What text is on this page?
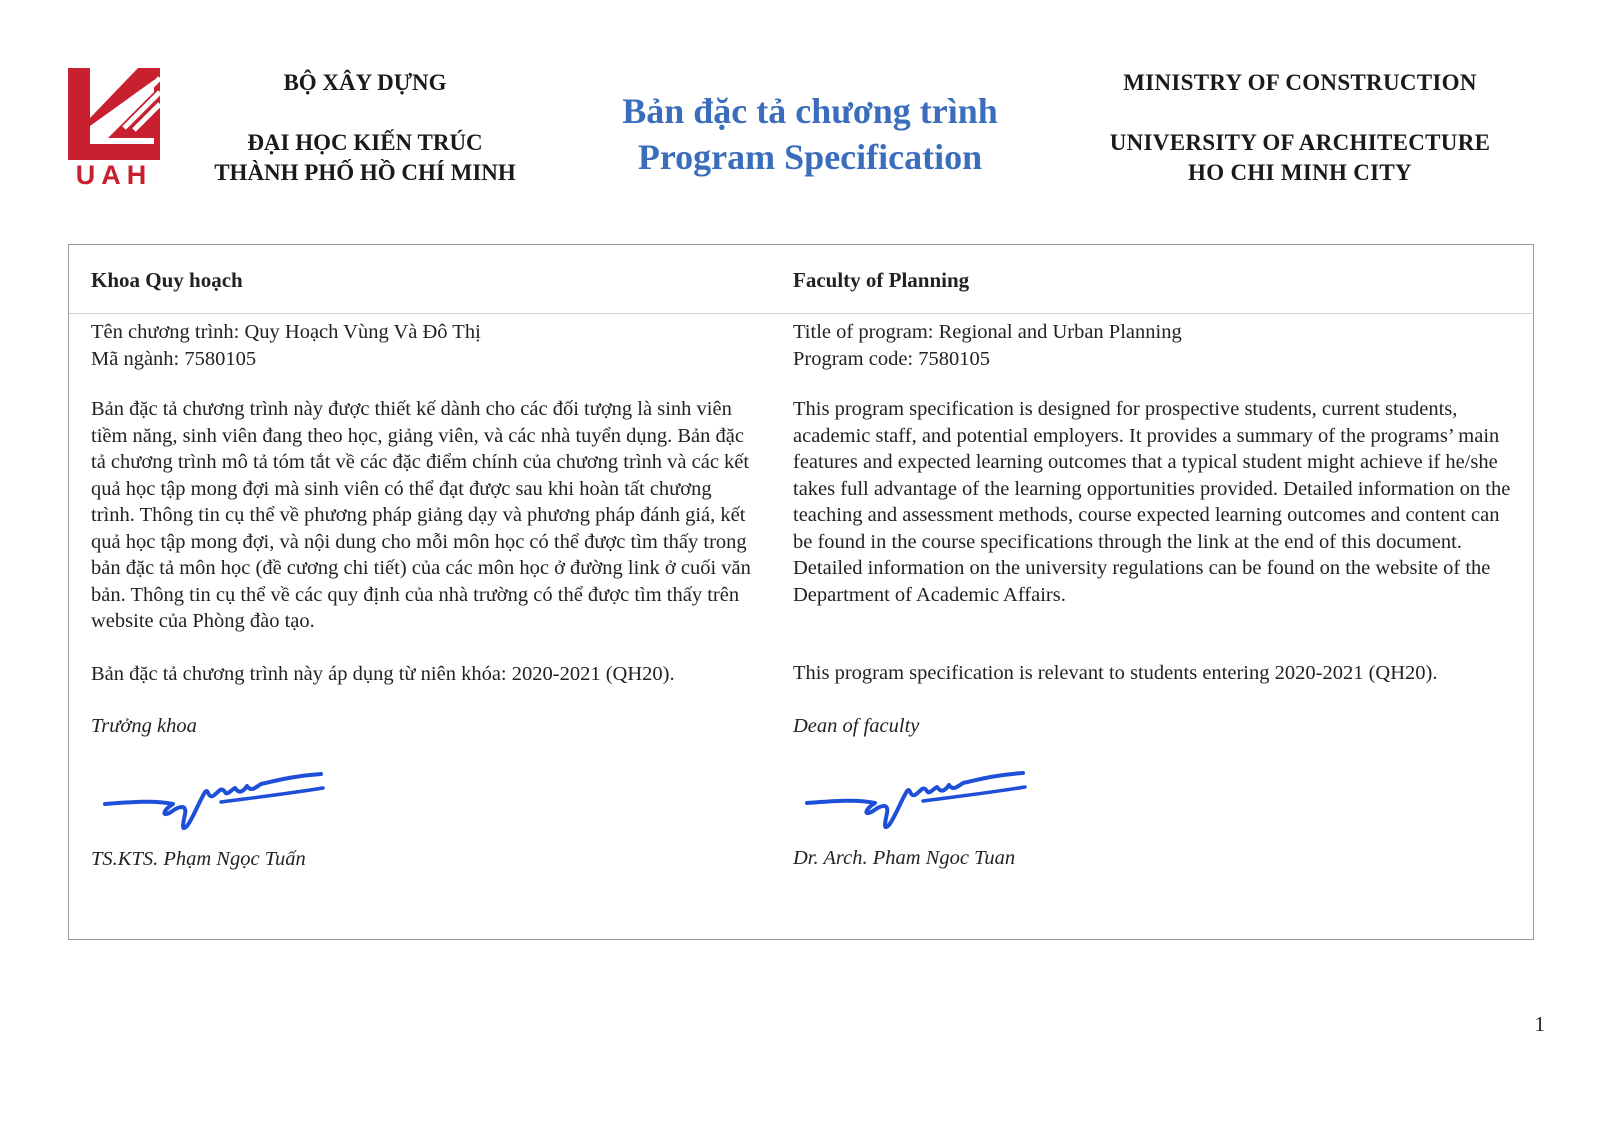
UAH
BỘ XÂY DỰNG
ĐẠI HỌC KIẾN TRÚC
THÀNH PHỐ HỒ CHÍ MINH
Bản đặc tả chương trình
Program Specification
MINISTRY OF CONSTRUCTION
UNIVERSITY OF ARCHITECTURE
HO CHI MINH CITY
Khoa Quy hoạch

Tên chương trình: Quy Hoạch Vùng Và Đô Thị

Mã ngành: 7580105

Bản đặc tả chương trình này được thiết kế dành cho các đối tượng là sinh viên tiềm năng, sinh viên đang theo học, giảng viên, và các nhà tuyển dụng. Bản đặc tả chương trình mô tả tóm tắt về các đặc điểm chính của chương trình và các kết quả học tập mong đợi mà sinh viên có thể đạt được sau khi hoàn tất chương trình. Thông tin cụ thể về phương pháp giảng dạy và phương pháp đánh giá, kết quả học tập mong đợi, và nội dung cho mỗi môn học có thể được tìm thấy trong bản đặc tả môn học (đề cương chi tiết) của các môn học ở đường link ở cuối văn bản. Thông tin cụ thể về các quy định của nhà trường có thể được tìm thấy trên website của Phòng đào tạo.

Bản đặc tả chương trình này áp dụng từ niên khóa: 2020-2021 (QH20).

Trưởng khoa

TS.KTS. Phạm Ngọc Tuấn

Faculty of Planning

Title of program: Regional and Urban Planning

Program code: 7580105

This program specification is designed for prospective students, current students, academic staff, and potential employers. It provides a summary of the programs’ main features and expected learning outcomes that a typical student might achieve if he/she takes full advantage of the learning opportunities provided. Detailed information on the teaching and assessment methods, course expected learning outcomes and content can be found in the course specifications through the link at the end of this document. Detailed information on the university regulations can be found on the website of the Department of Academic Affairs.

This program specification is relevant to students entering 2020-2021 (QH20).

Dean of faculty

Dr. Arch. Pham Ngoc Tuan

1
